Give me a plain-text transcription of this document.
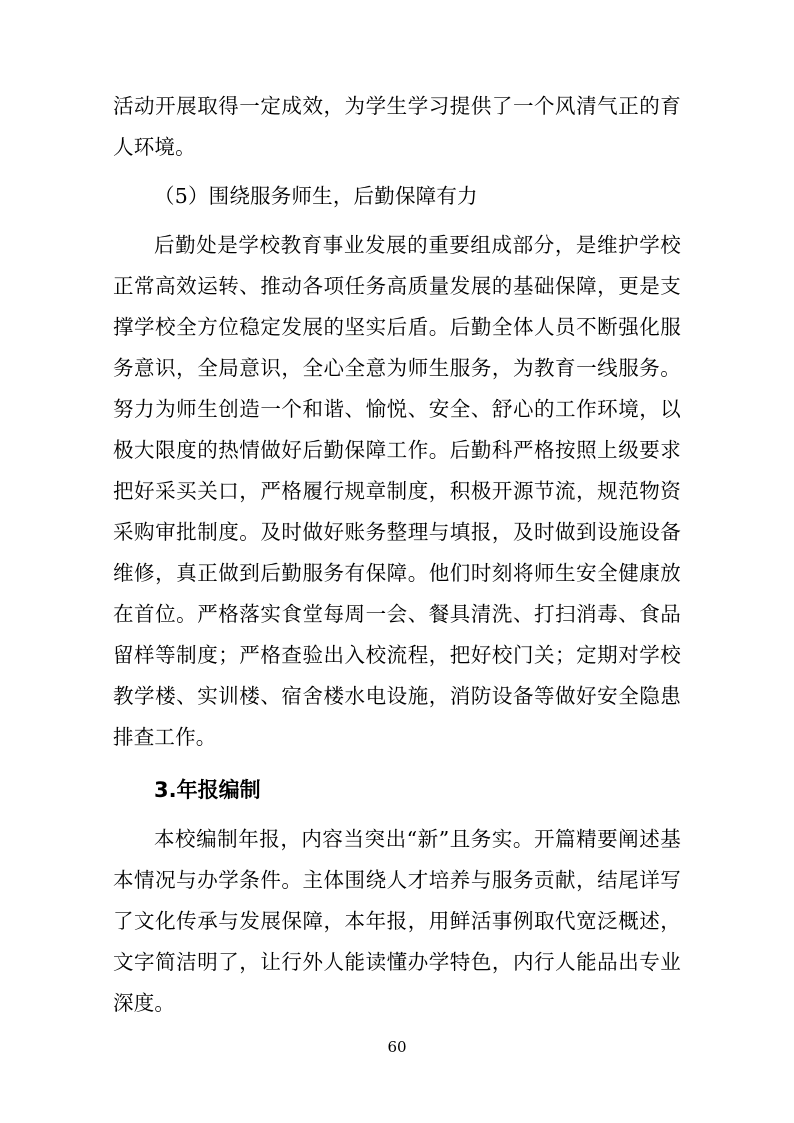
活动开展取得一定成效，为学生学习提供了一个风清气正的育人环境。

（5）围绕服务师生，后勤保障有力

后勤处是学校教育事业发展的重要组成部分，是维护学校正常高效运转、推动各项任务高质量发展的基础保障，更是支撑学校全方位稳定发展的坚实后盾。后勤全体人员不断强化服务意识，全局意识，全心全意为师生服务，为教育一线服务。努力为师生创造一个和谐、愉悦、安全、舒心的工作环境，以极大限度的热情做好后勤保障工作。后勤科严格按照上级要求把好采买关口，严格履行规章制度，积极开源节流，规范物资采购审批制度。及时做好账务整理与填报，及时做到设施设备维修，真正做到后勤服务有保障。他们时刻将师生安全健康放在首位。严格落实食堂每周一会、餐具清洗、打扫消毒、食品留样等制度；严格查验出入校流程，把好校门关；定期对学校教学楼、实训楼、宿舍楼水电设施，消防设备等做好安全隐患排查工作。

3.年报编制

本校编制年报，内容当突出“新”且务实。开篇精要阐述基本情况与办学条件。主体围绕人才培养与服务贡献，结尾详写了文化传承与发展保障，本年报，用鲜活事例取代宽泛概述，文字简洁明了，让行外人能读懂办学特色，内行人能品出专业深度。

60
